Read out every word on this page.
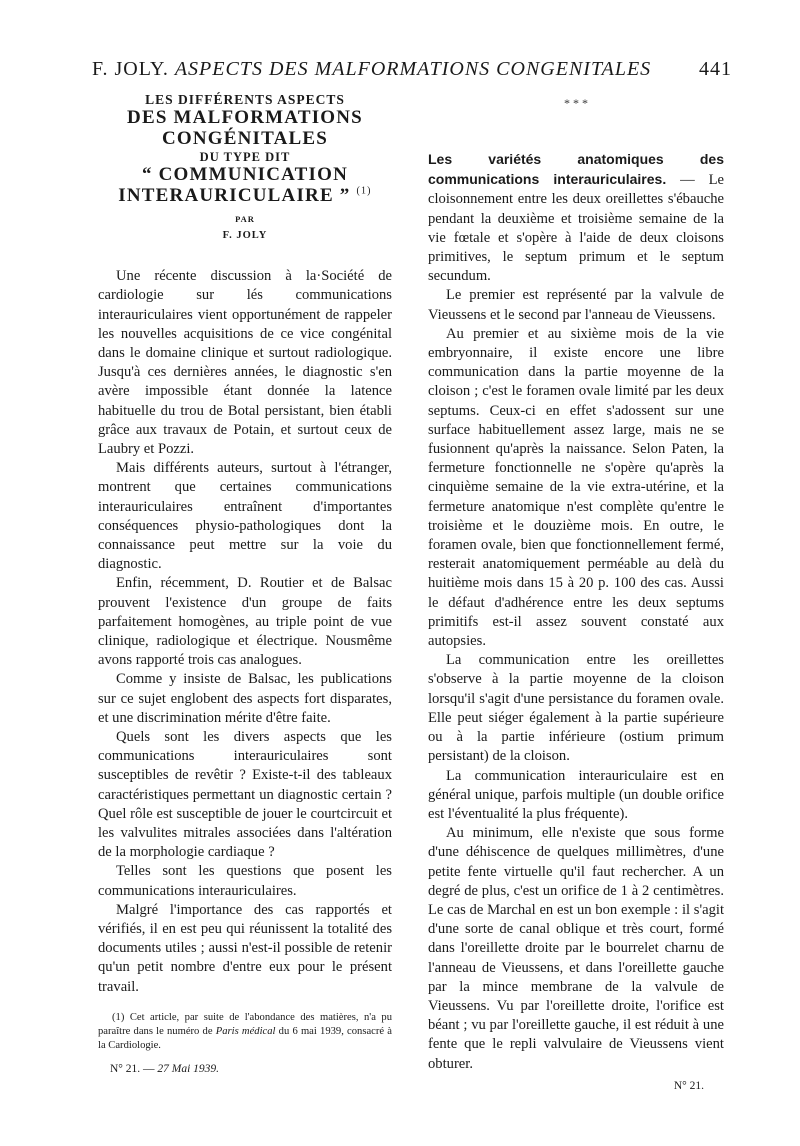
F. JOLY. ASPECTS DES MALFORMATIONS CONGENITALES 441
LES DIFFÉRENTS ASPECTS
DES MALFORMATIONS
CONGÉNITALES
DU TYPE DIT
“ COMMUNICATION
INTERAURICULAIRE ” $^{(1)}$
PAR
F. JOLY

Une récente discussion à la·Société de cardiologie sur lés communications interauriculaires vient opportunément de rappeler les nouvelles acquisitions de ce vice congénital dans le domaine clinique et surtout radiologique. Jusqu'à ces dernières années, le diagnostic s'en avère impossible étant donnée la latence habituelle du trou de Botal persistant, bien établi grâce aux travaux de Potain, et surtout ceux de Laubry et Pozzi.

Mais différents auteurs, surtout à l'étranger, montrent que certaines communications interauriculaires entraînent d'importantes conséquences physio-pathologiques dont la connaissance peut mettre sur la voie du diagnostic.

Enfin, récemment, D. Routier et de Balsac prouvent l'existence d'un groupe de faits parfaitement homogènes, au triple point de vue clinique, radiologique et électrique. Nousmême avons rapporté trois cas analogues.

Comme y insiste de Balsac, les publications sur ce sujet englobent des aspects fort disparates, et une discrimination mérite d'être faite.

Quels sont les divers aspects que les communications interauriculaires sont susceptibles de revêtir ? Existe-t-il des tableaux caractéristiques permettant un diagnostic certain ? Quel rôle est susceptible de jouer le courtcircuit et les valvulites mitrales associées dans l'altération de la morphologie cardiaque ?

Telles sont les questions que posent les communications interauriculaires.

Malgré l'importance des cas rapportés et vérifiés, il en est peu qui réunissent la totalité des documents utiles ; aussi n'est-il possible de retenir qu'un petit nombre d'entre eux pour le présent travail.

(1) Cet article, par suite de l'abondance des matières, n'a pu paraître dans le numéro de Paris médical du 6 mai 1939, consacré à la Cardiologie.

N° 21. — 27 Mai 1939.
* * *

Les variétés anatomiques des communications interauriculaires. — Le cloisonnement entre les deux oreillettes s'ébauche pendant la deuxième et troisième semaine de la vie fœtale et s'opère à l'aide de deux cloisons primitives, le septum primum et le septum secundum.

Le premier est représenté par la valvule de Vieussens et le second par l'anneau de Vieussens.

Au premier et au sixième mois de la vie embryonnaire, il existe encore une libre communication dans la partie moyenne de la cloison ; c'est le foramen ovale limité par les deux septums. Ceux-ci en effet s'adossent sur une surface habituellement assez large, mais ne se fusionnent qu'après la naissance. Selon Paten, la fermeture fonctionnelle ne s'opère qu'après la cinquième semaine de la vie extra-utérine, et la fermeture anatomique n'est complète qu'entre le troisième et le douzième mois. En outre, le foramen ovale, bien que fonctionnellement fermé, resterait anatomiquement perméable au delà du huitième mois dans 15 à 20 p. 100 des cas. Aussi le défaut d'adhérence entre les deux septums primitifs est-il assez souvent constaté aux autopsies.

La communication entre les oreillettes s'observe à la partie moyenne de la cloison lorsqu'il s'agit d'une persistance du foramen ovale. Elle peut siéger également à la partie supérieure ou à la partie inférieure (ostium primum persistant) de la cloison.

La communication interauriculaire est en général unique, parfois multiple (un double orifice est l'éventualité la plus fréquente).

Au minimum, elle n'existe que sous forme d'une déhiscence de quelques millimètres, d'une petite fente virtuelle qu'il faut rechercher. A un degré de plus, c'est un orifice de 1 à 2 centimètres. Le cas de Marchal en est un bon exemple : il s'agit d'une sorte de canal oblique et très court, formé dans l'oreillette droite par le bourrelet charnu de l'anneau de Vieussens, et dans l'oreillette gauche par la mince membrane de la valvule de Vieussens. Vu par l'oreillette droite, l'orifice est béant ; vu par l'oreillette gauche, il est réduit à une fente que le repli valvulaire de Vieussens vient obturer.

N° 21.
